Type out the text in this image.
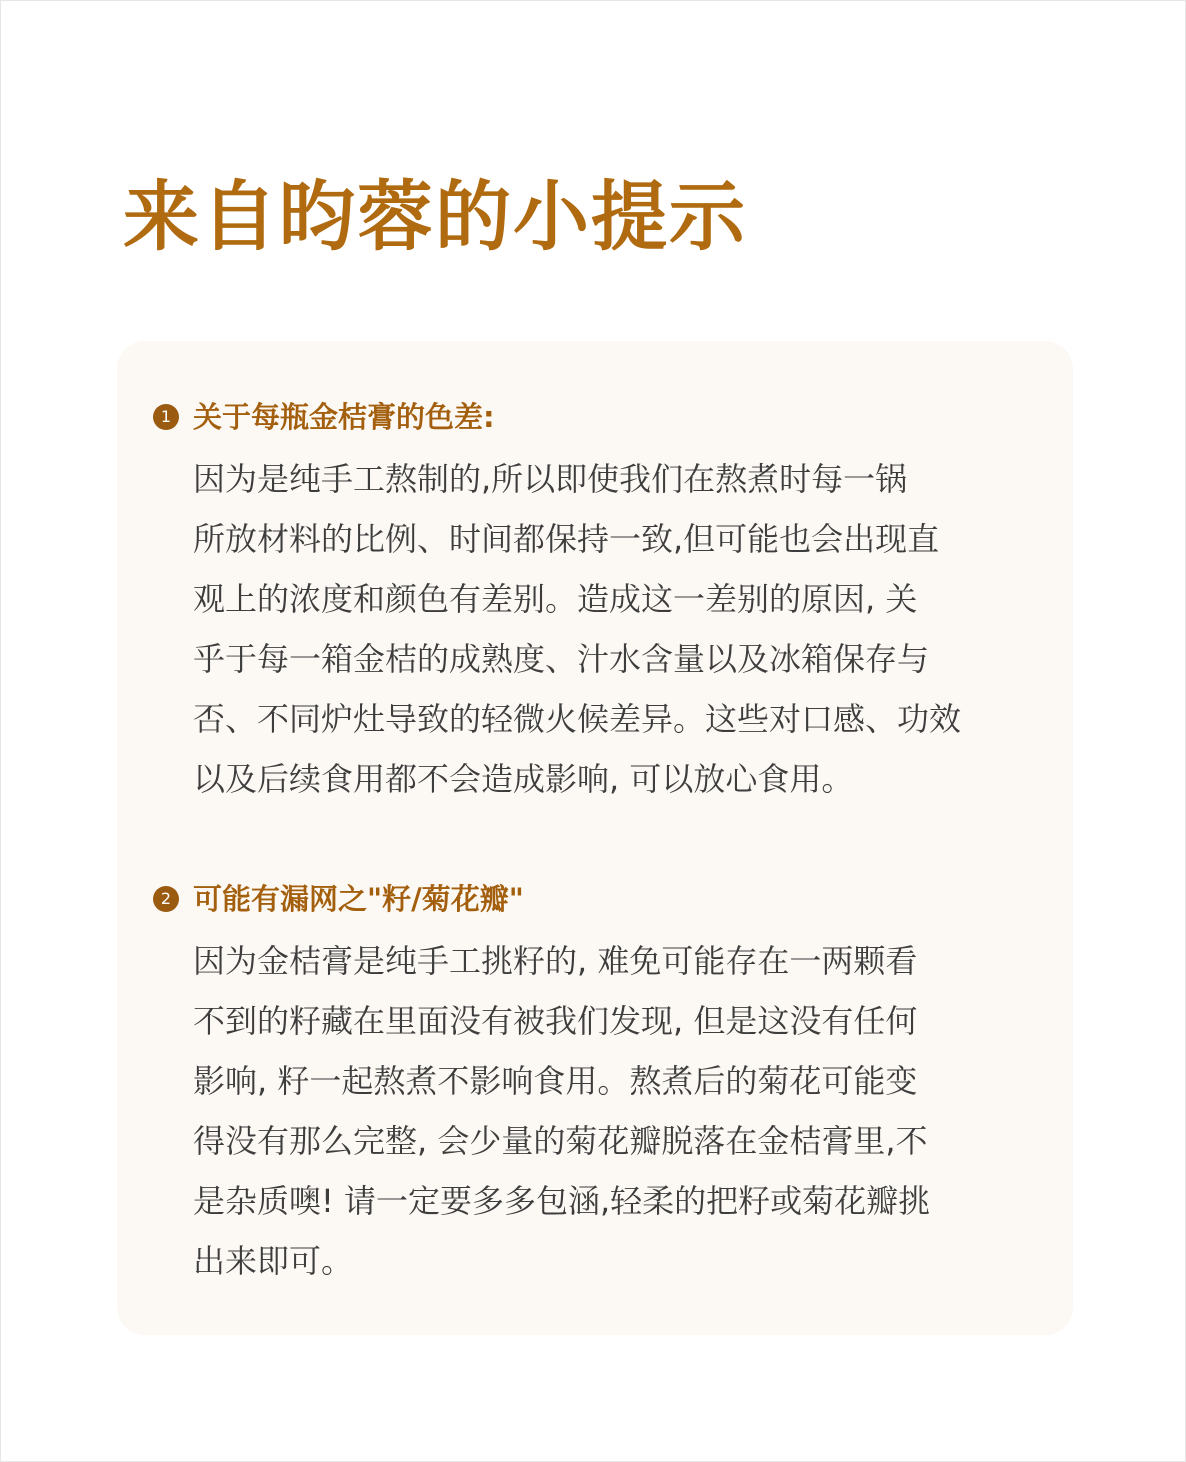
来自昀蓉的小提示
1 关于每瓶金桔膏的色差:

因为是纯手工熬制的,所以即使我们在熬煮时每一锅
所放材料的比例、时间都保持一致,但可能也会出现直
观上的浓度和颜色有差别。造成这一差别的原因, 关
乎于每一箱金桔的成熟度、汁水含量以及冰箱保存与
否、不同炉灶导致的轻微火候差异。这些对口感、功效
以及后续食用都不会造成影响, 可以放心食用。

2 可能有漏网之"籽/菊花瓣"

因为金桔膏是纯手工挑籽的, 难免可能存在一两颗看
不到的籽藏在里面没有被我们发现, 但是这没有任何
影响, 籽一起熬煮不影响食用。熬煮后的菊花可能变
得没有那么完整, 会少量的菊花瓣脱落在金桔膏里,不
是杂质噢! 请一定要多多包涵,轻柔的把籽或菊花瓣挑
出来即可。
